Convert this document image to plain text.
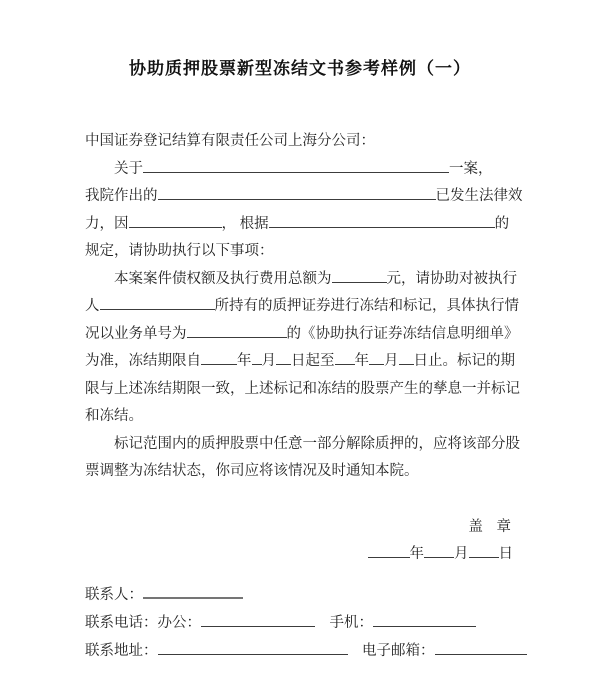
协助质押股票新型冻结文书参考样例（一）
中国证券登记结算有限责任公司上海分公司：
关于	一案，
我院作出的	已发生法律效
力，因	， 根据	的
规定，请协助执行以下事项：
本案案件债权额及执行费用总额为	元，请协助对被执行
人	所持有的质押证券进行冻结和标记，具体执行情
况以业务单号为	的《协助执行证券冻结信息明细单》
为准，冻结期限自 年 月 日起至 年 月 日止。标记的期
限与上述冻结期限一致，上述标记和冻结的股票产生的孳息一并标记
和冻结。
标记范围内的质押股票中任意一部分解除质押的，应将该部分股
票调整为冻结状态，你司应将该情况及时通知本院。
盖 章
年 月 日
联系人：
联系电话：办公：	　手机：
联系地址：	　电子邮箱：
